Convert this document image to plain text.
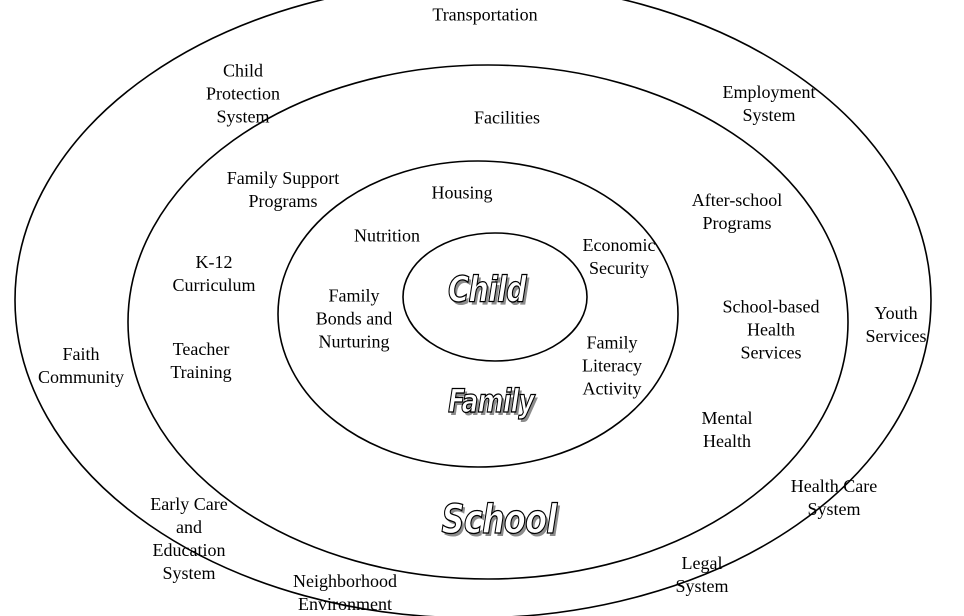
Child
Family
School
Transportation
Child
Protection
System
Employment
System
Facilities
Family Support
Programs	Housing	After-school
Programs
Nutrition	Economic
Security
K-12
Curriculum
Family
Bonds and
Nurturing
School-based
Health
Services
Youth
Services
Teacher
Training
Family
Literacy
Activity
Faith
Community
Mental
Health
Health Care
System
Early Care
and
Education
System	Neighborhood
Environment
Legal
System
